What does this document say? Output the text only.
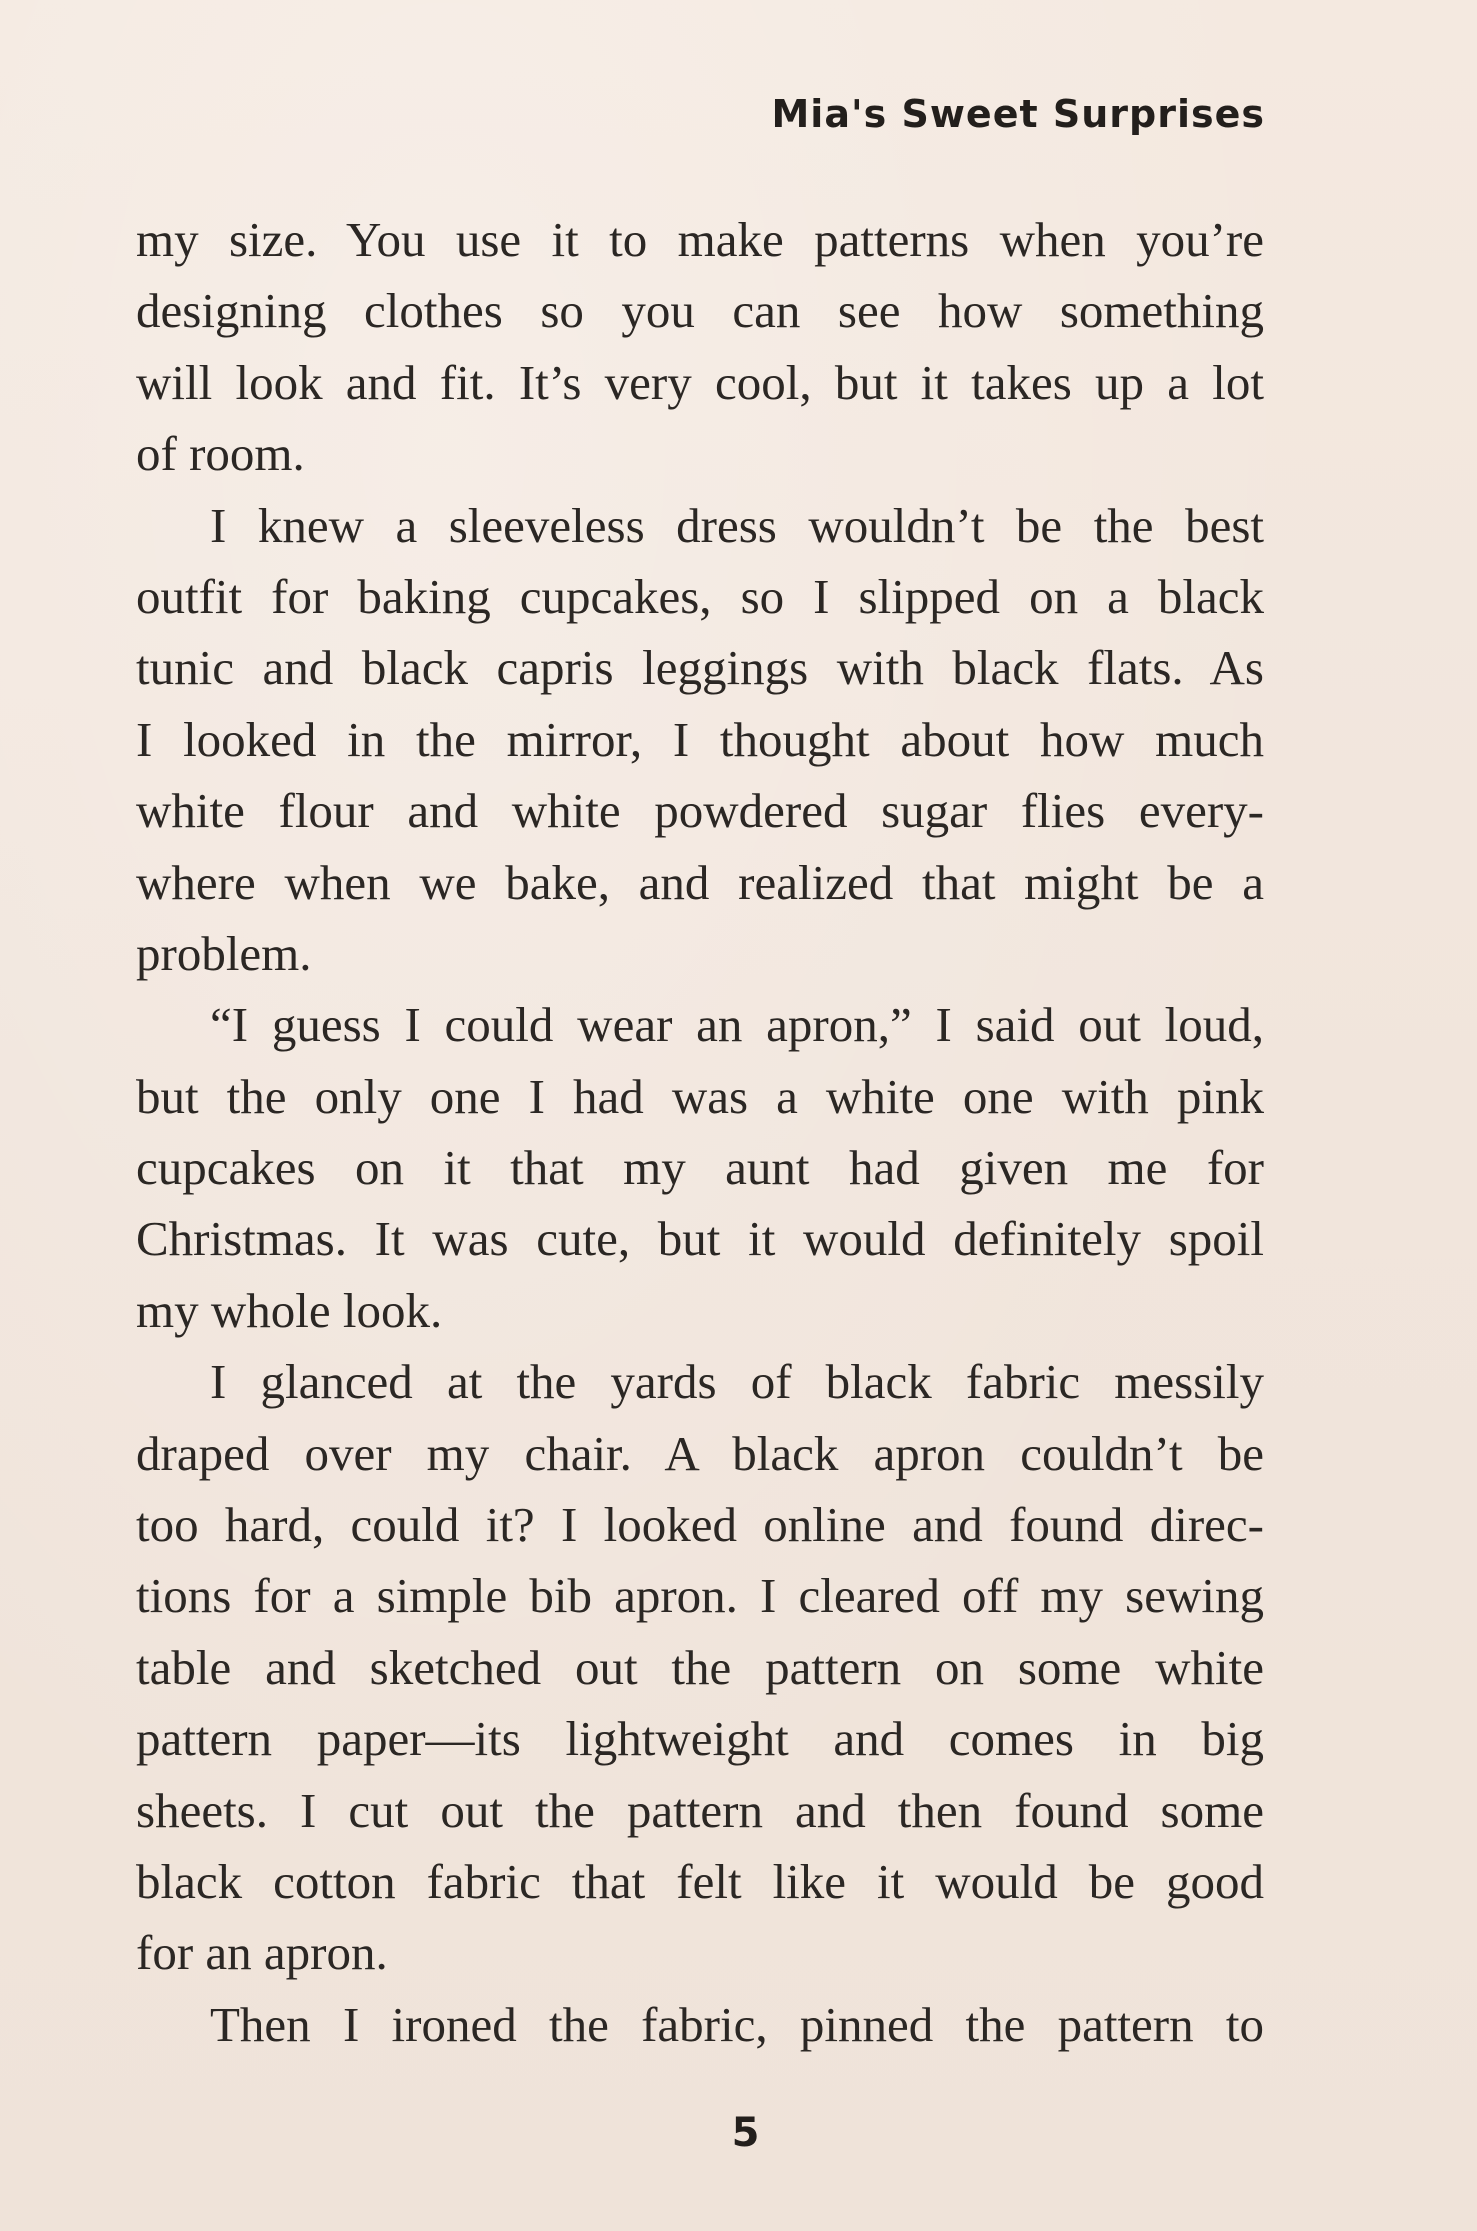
Mia's Sweet Surprises
my size. You use it to make patterns when you’re
designing clothes so you can see how something
will look and fit. It’s very cool, but it takes up a lot
of room.
I knew a sleeveless dress wouldn’t be the best
outfit for baking cupcakes, so I slipped on a black
tunic and black capris leggings with black flats. As
I looked in the mirror, I thought about how much
white flour and white powdered sugar flies every-
where when we bake, and realized that might be a
problem.
“I guess I could wear an apron,” I said out loud,
but the only one I had was a white one with pink
cupcakes on it that my aunt had given me for
Christmas. It was cute, but it would definitely spoil
my whole look.
I glanced at the yards of black fabric messily
draped over my chair. A black apron couldn’t be
too hard, could it? I looked online and found direc-
tions for a simple bib apron. I cleared off my sewing
table and sketched out the pattern on some white
pattern paper—its lightweight and comes in big
sheets. I cut out the pattern and then found some
black cotton fabric that felt like it would be good
for an apron.
Then I ironed the fabric, pinned the pattern to
5
